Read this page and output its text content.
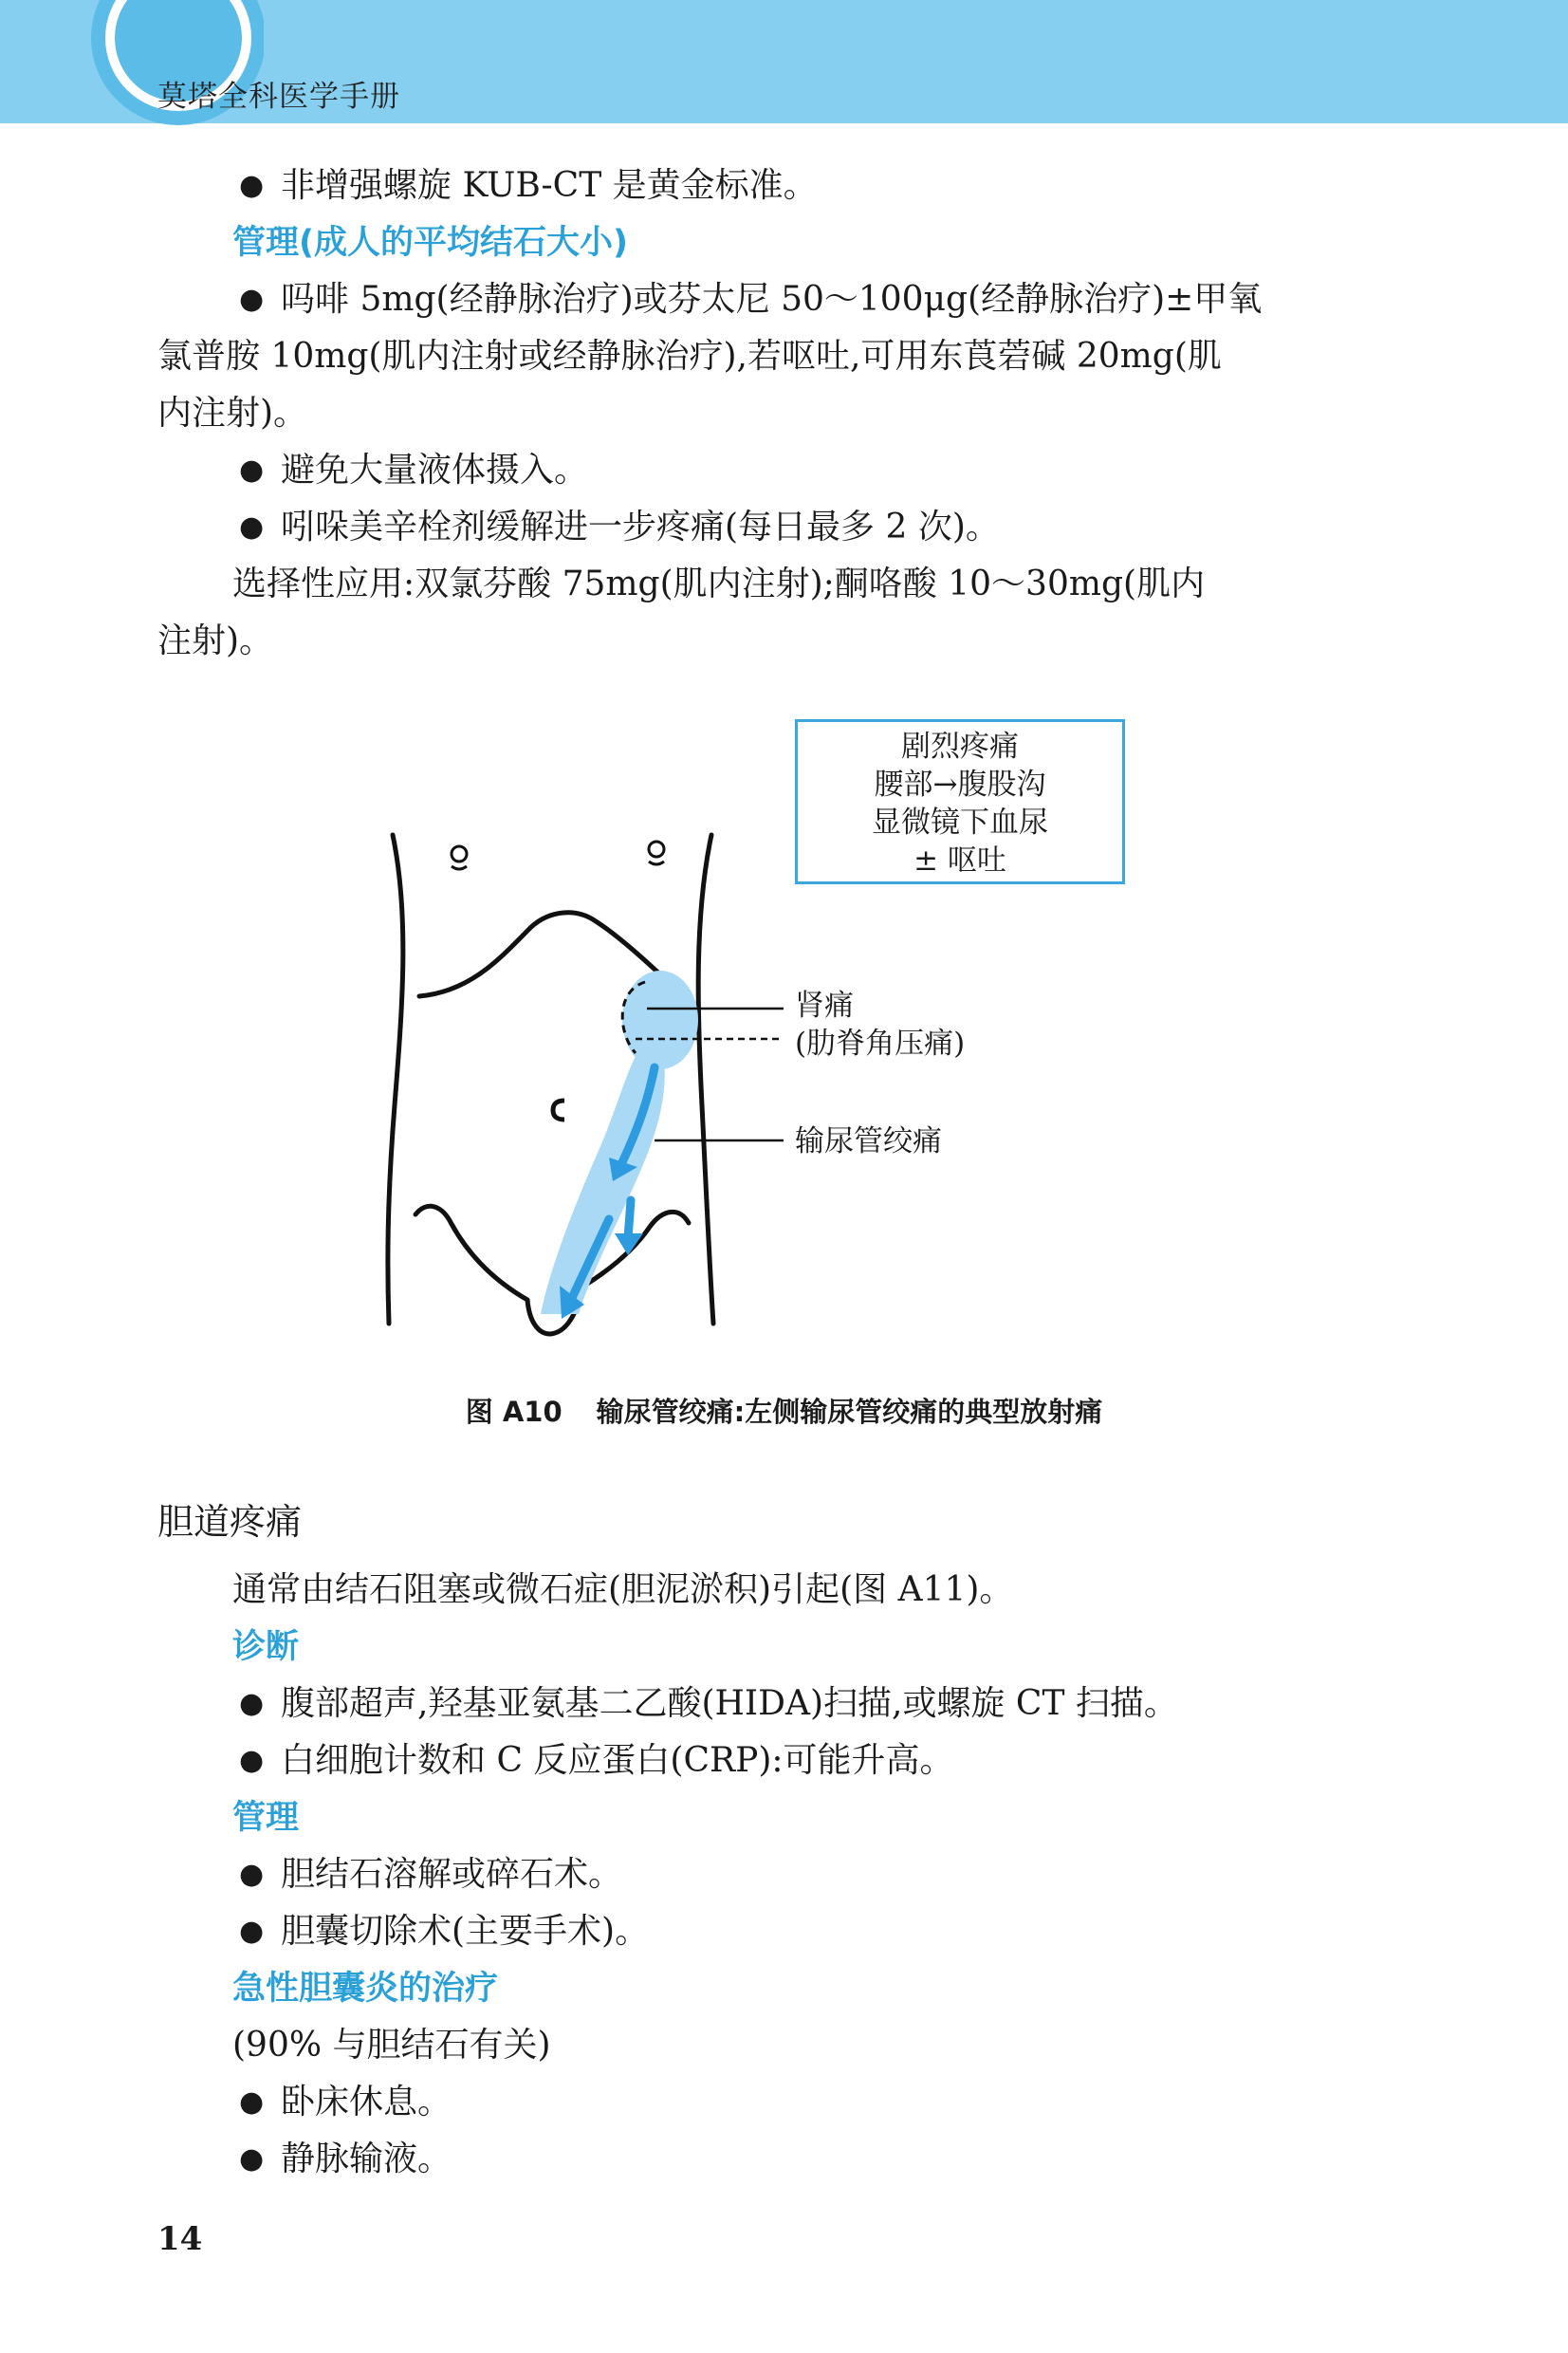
莫塔全科医学手册
● 非增强螺旋 KUB-CT 是黄金标准。
管理(成人的平均结石大小)
● 吗啡 5mg(经静脉治疗)或芬太尼 50～100μg(经静脉治疗)±甲氧
氯普胺 10mg(肌内注射或经静脉治疗),若呕吐,可用东莨菪碱 20mg(肌
内注射)。
● 避免大量液体摄入。
● 吲哚美辛栓剂缓解进一步疼痛(每日最多 2 次)。
选择性应用:双氯芬酸 75mg(肌内注射);酮咯酸 10～30mg(肌内
注射)。
剧烈疼痛
腰部→腹股沟
显微镜下血尿
± 呕吐
肾痛
(肋脊角压痛)
输尿管绞痛
图 A10 输尿管绞痛:左侧输尿管绞痛的典型放射痛
胆道疼痛
通常由结石阻塞或微石症(胆泥淤积)引起(图 A11)。
诊断
● 腹部超声,羟基亚氨基二乙酸(HIDA)扫描,或螺旋 CT 扫描。
● 白细胞计数和 C 反应蛋白(CRP):可能升高。
管理
● 胆结石溶解或碎石术。
● 胆囊切除术(主要手术)。
急性胆囊炎的治疗
(90% 与胆结石有关)
● 卧床休息。
● 静脉输液。
14
